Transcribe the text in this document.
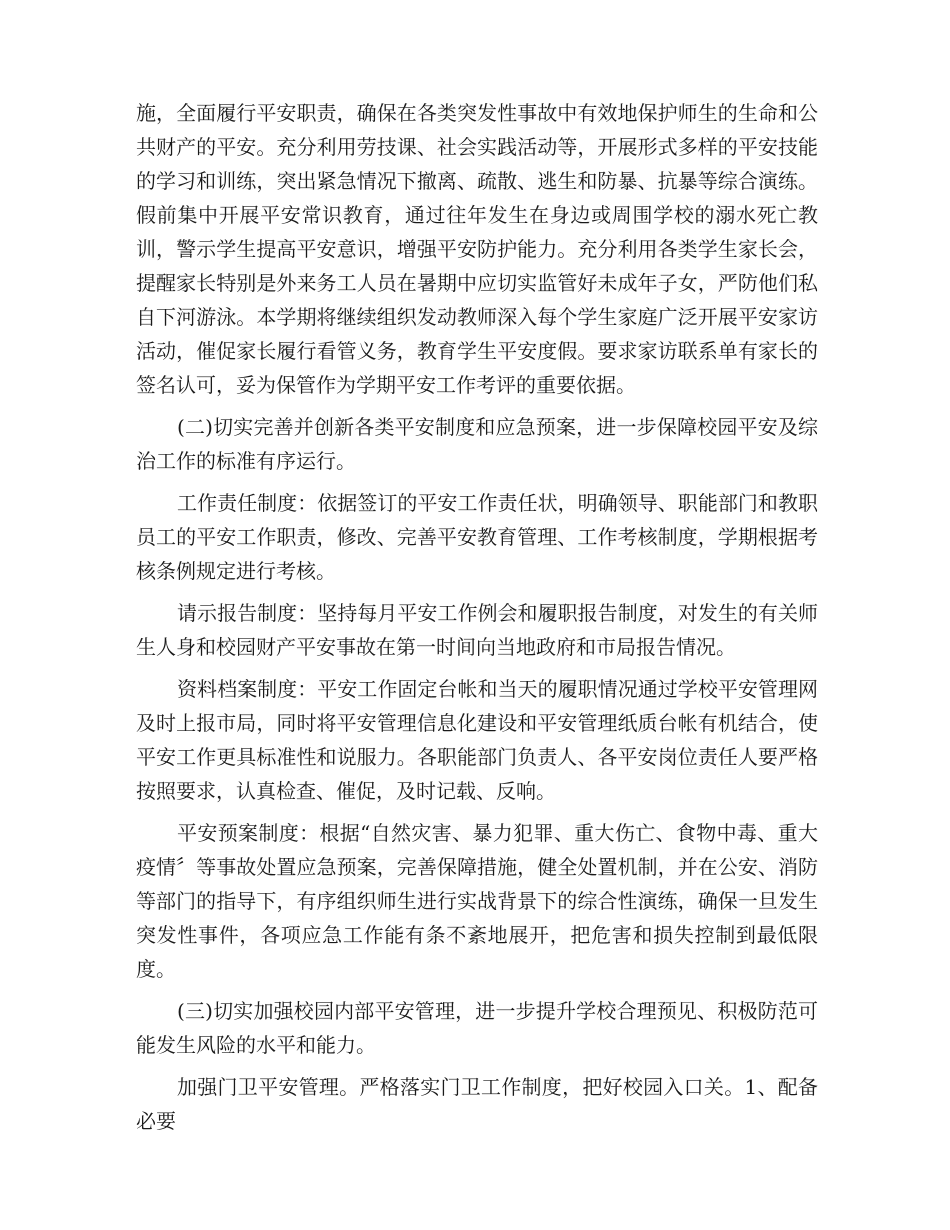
施，全面履行平安职责，确保在各类突发性事故中有效地保护师生的生命和公共财产的平安。充分利用劳技课、社会实践活动等，开展形式多样的平安技能的学习和训练，突出紧急情况下撤离、疏散、逃生和防暴、抗暴等综合演练。假前集中开展平安常识教育，通过往年发生在身边或周围学校的溺水死亡教训，警示学生提高平安意识，增强平安防护能力。充分利用各类学生家长会，提醒家长特别是外来务工人员在暑期中应切实监管好未成年子女，严防他们私自下河游泳。本学期将继续组织发动教师深入每个学生家庭广泛开展平安家访活动，催促家长履行看管义务，教育学生平安度假。要求家访联系单有家长的签名认可，妥为保管作为学期平安工作考评的重要依据。

(二)切实完善并创新各类平安制度和应急预案，进一步保障校园平安及综治工作的标准有序运行。

工作责任制度：依据签订的平安工作责任状，明确领导、职能部门和教职员工的平安工作职责，修改、完善平安教育管理、工作考核制度，学期根据考核条例规定进行考核。

请示报告制度：坚持每月平安工作例会和履职报告制度，对发生的有关师生人身和校园财产平安事故在第一时间向当地政府和市局报告情况。

资料档案制度：平安工作固定台帐和当天的履职情况通过学校平安管理网及时上报市局，同时将平安管理信息化建设和平安管理纸质台帐有机结合，使平安工作更具标准性和说服力。各职能部门负责人、各平安岗位责任人要严格按照要求，认真检查、催促，及时记载、反响。

平安预案制度：根据“自然灾害、暴力犯罪、重大伤亡、食物中毒、重大疫情〞等事故处置应急预案，完善保障措施，健全处置机制，并在公安、消防等部门的指导下，有序组织师生进行实战背景下的综合性演练，确保一旦发生突发性事件，各项应急工作能有条不紊地展开，把危害和损失控制到最低限度。

(三)切实加强校园内部平安管理，进一步提升学校合理预见、积极防范可能发生风险的水平和能力。

加强门卫平安管理。严格落实门卫工作制度，把好校园入口关。1、配备必要
